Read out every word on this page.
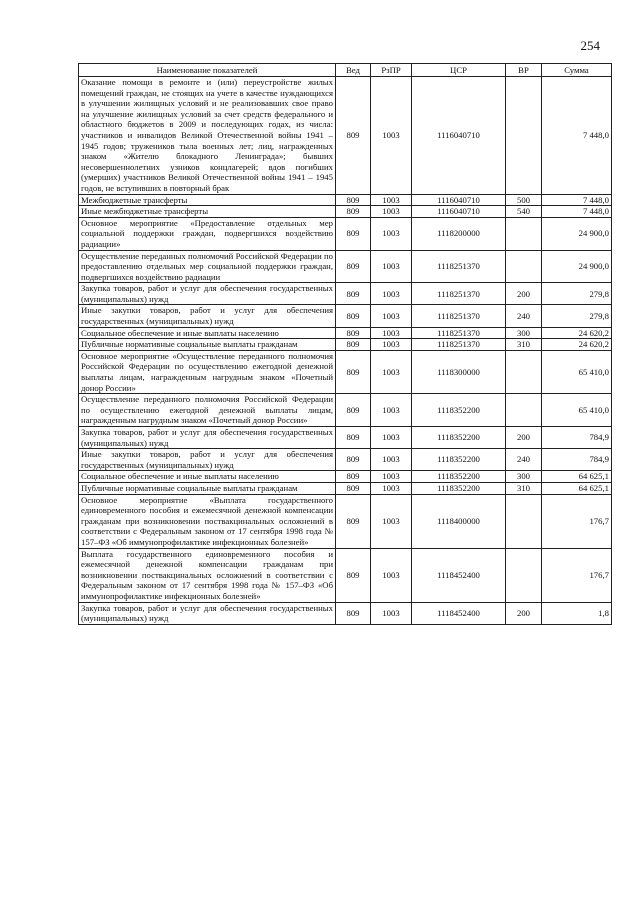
254
Наименование показателей	Вед	РзПР	ЦСР	ВР	Сумма
Оказание помощи в ремонте и (или) переустройстве жилых помещений граждан, не стоящих на учете в качестве нуждающихся в улучшении жилищных условий и не реализовавших свое право на улучшение жилищных условий за счет средств федерального и областного бюджетов в 2009 и последующих годах, из числа: участников и инвалидов Великой Отечественной войны 1941 – 1945 годов; тружеников тыла военных лет; лиц, награжденных знаком «Жителю блокадного Ленинграда»; бывших несовершеннолетних узников концлагерей; вдов погибших (умерших) участников Великой Отечественной войны 1941 – 1945 годов, не вступивших в повторный брак	809	1003	1116040710		7 448,0
Межбюджетные трансферты	809	1003	1116040710	500	7 448,0
Иные межбюджетные трансферты	809	1003	1116040710	540	7 448,0
Основное мероприятие «Предоставление отдельных мер социальной поддержки граждан, подвергшихся воздействию радиации»	809	1003	1118200000		24 900,0
Осуществление переданных полномочий Российской Федерации по предоставлению отдельных мер социальной поддержки граждан, подвергшихся воздействию радиации	809	1003	1118251370		24 900,0
Закупка товаров, работ и услуг для обеспечения государственных (муниципальных) нужд	809	1003	1118251370	200	279,8
Иные закупки товаров, работ и услуг для обеспечения государственных (муниципальных) нужд	809	1003	1118251370	240	279,8
Социальное обеспечение и иные выплаты населению	809	1003	1118251370	300	24 620,2
Публичные нормативные социальные выплаты гражданам	809	1003	1118251370	310	24 620,2
Основное мероприятие «Осуществление переданного полномочия Российской Федерации по осуществлению ежегодной денежной выплаты лицам, награжденным нагрудным знаком «Почетный донор России»	809	1003	1118300000		65 410,0
Осуществление переданного полномочия Российской Федерации по осуществлению ежегодной денежной выплаты лицам, награжденным нагрудным знаком «Почетный донор России»	809	1003	1118352200		65 410,0
Закупка товаров, работ и услуг для обеспечения государственных (муниципальных) нужд	809	1003	1118352200	200	784,9
Иные закупки товаров, работ и услуг для обеспечения государственных (муниципальных) нужд	809	1003	1118352200	240	784,9
Социальное обеспечение и иные выплаты населению	809	1003	1118352200	300	64 625,1
Публичные нормативные социальные выплаты гражданам	809	1003	1118352200	310	64 625,1
Основное мероприятие «Выплата государственного единовременного пособия и ежемесячной денежной компенсации гражданам при возникновении поствакцинальных осложнений в соответствии с Федеральным законом от 17 сентября 1998 года № 157–ФЗ «Об иммунопрофилактике инфекционных болезней»	809	1003	1118400000		176,7
Выплата государственного единовременного пособия и ежемесячной денежной компенсации гражданам при возникновении поствакцинальных осложнений в соответствии с Федеральным законом от 17 сентября 1998 года № 157–ФЗ «Об иммунопрофилактике инфекционных болезней»	809	1003	1118452400		176,7
Закупка товаров, работ и услуг для обеспечения государственных (муниципальных) нужд	809	1003	1118452400	200	1,8
